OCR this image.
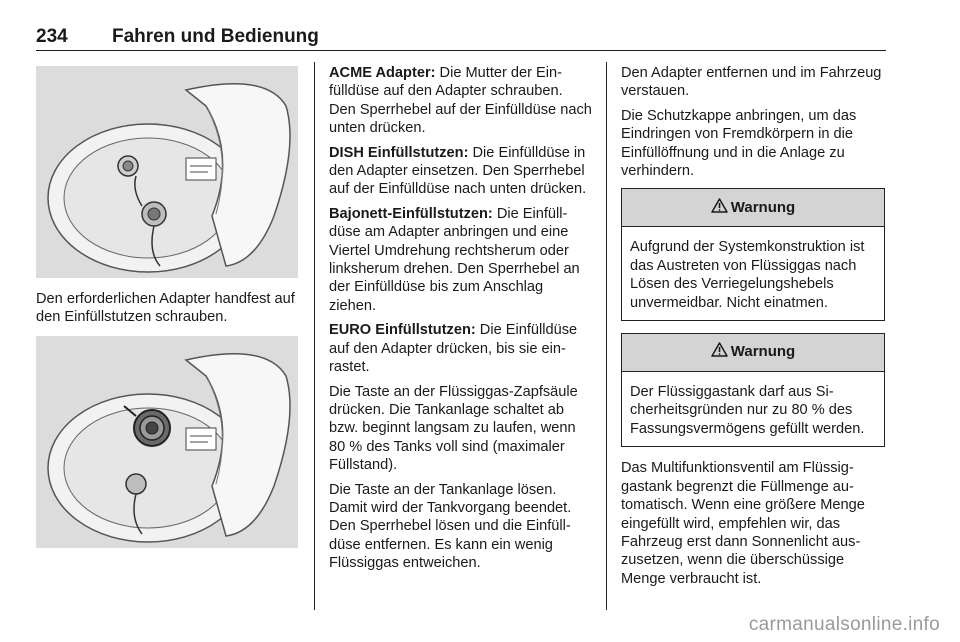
234 Fahren und Bedienung
Den erforderlichen Adapter handfest auf den Einfüllstutzen schrauben.

ACME Adapter: Die Mutter der Einfülldüse auf den Adapter schrauben. Den Sperrhebel auf der Einfülldüse nach unten drücken.

DISH Einfüllstutzen: Die Einfülldüse in den Adapter einsetzen. Den Sperrhebel auf der Einfülldüse nach unten drücken.

Bajonett-Einfüllstutzen: Die Einfülldüse am Adapter anbringen und eine Viertel Umdrehung rechtsherum oder linksherum drehen. Den Sperrhebel an der Einfülldüse bis zum Anschlag ziehen.

EURO Einfüllstutzen: Die Einfülldüse auf den Adapter drücken, bis sie einrastet.

Die Taste an der Flüssiggas-Zapfsäule drücken. Die Tankanlage schaltet ab bzw. beginnt langsam zu laufen, wenn 80 % des Tanks voll sind (maximaler Füllstand).

Die Taste an der Tankanlage lösen. Damit wird der Tankvorgang beendet. Den Sperrhebel lösen und die Einfülldüse entfernen. Es kann ein wenig Flüssiggas entweichen.

Den Adapter entfernen und im Fahrzeug verstauen.

Die Schutzkappe anbringen, um das Eindringen von Fremdkörpern in die Einfüllöffnung und in die Anlage zu verhindern.

Warnung
Aufgrund der Systemkonstruktion ist das Austreten von Flüssiggas nach Lösen des Verriegelungshebels unvermeidbar. Nicht einatmen.
Warnung
Der Flüssiggastank darf aus Sicherheitsgründen nur zu 80 % des Fassungsvermögens gefüllt werden.

Das Multifunktionsventil am Flüssiggastank begrenzt die Füllmenge automatisch. Wenn eine größere Menge eingefüllt wird, empfehlen wir, das Fahrzeug erst dann Sonnenlicht auszusetzen, wenn die überschüssige Menge verbraucht ist.

carmanualsonline.info
